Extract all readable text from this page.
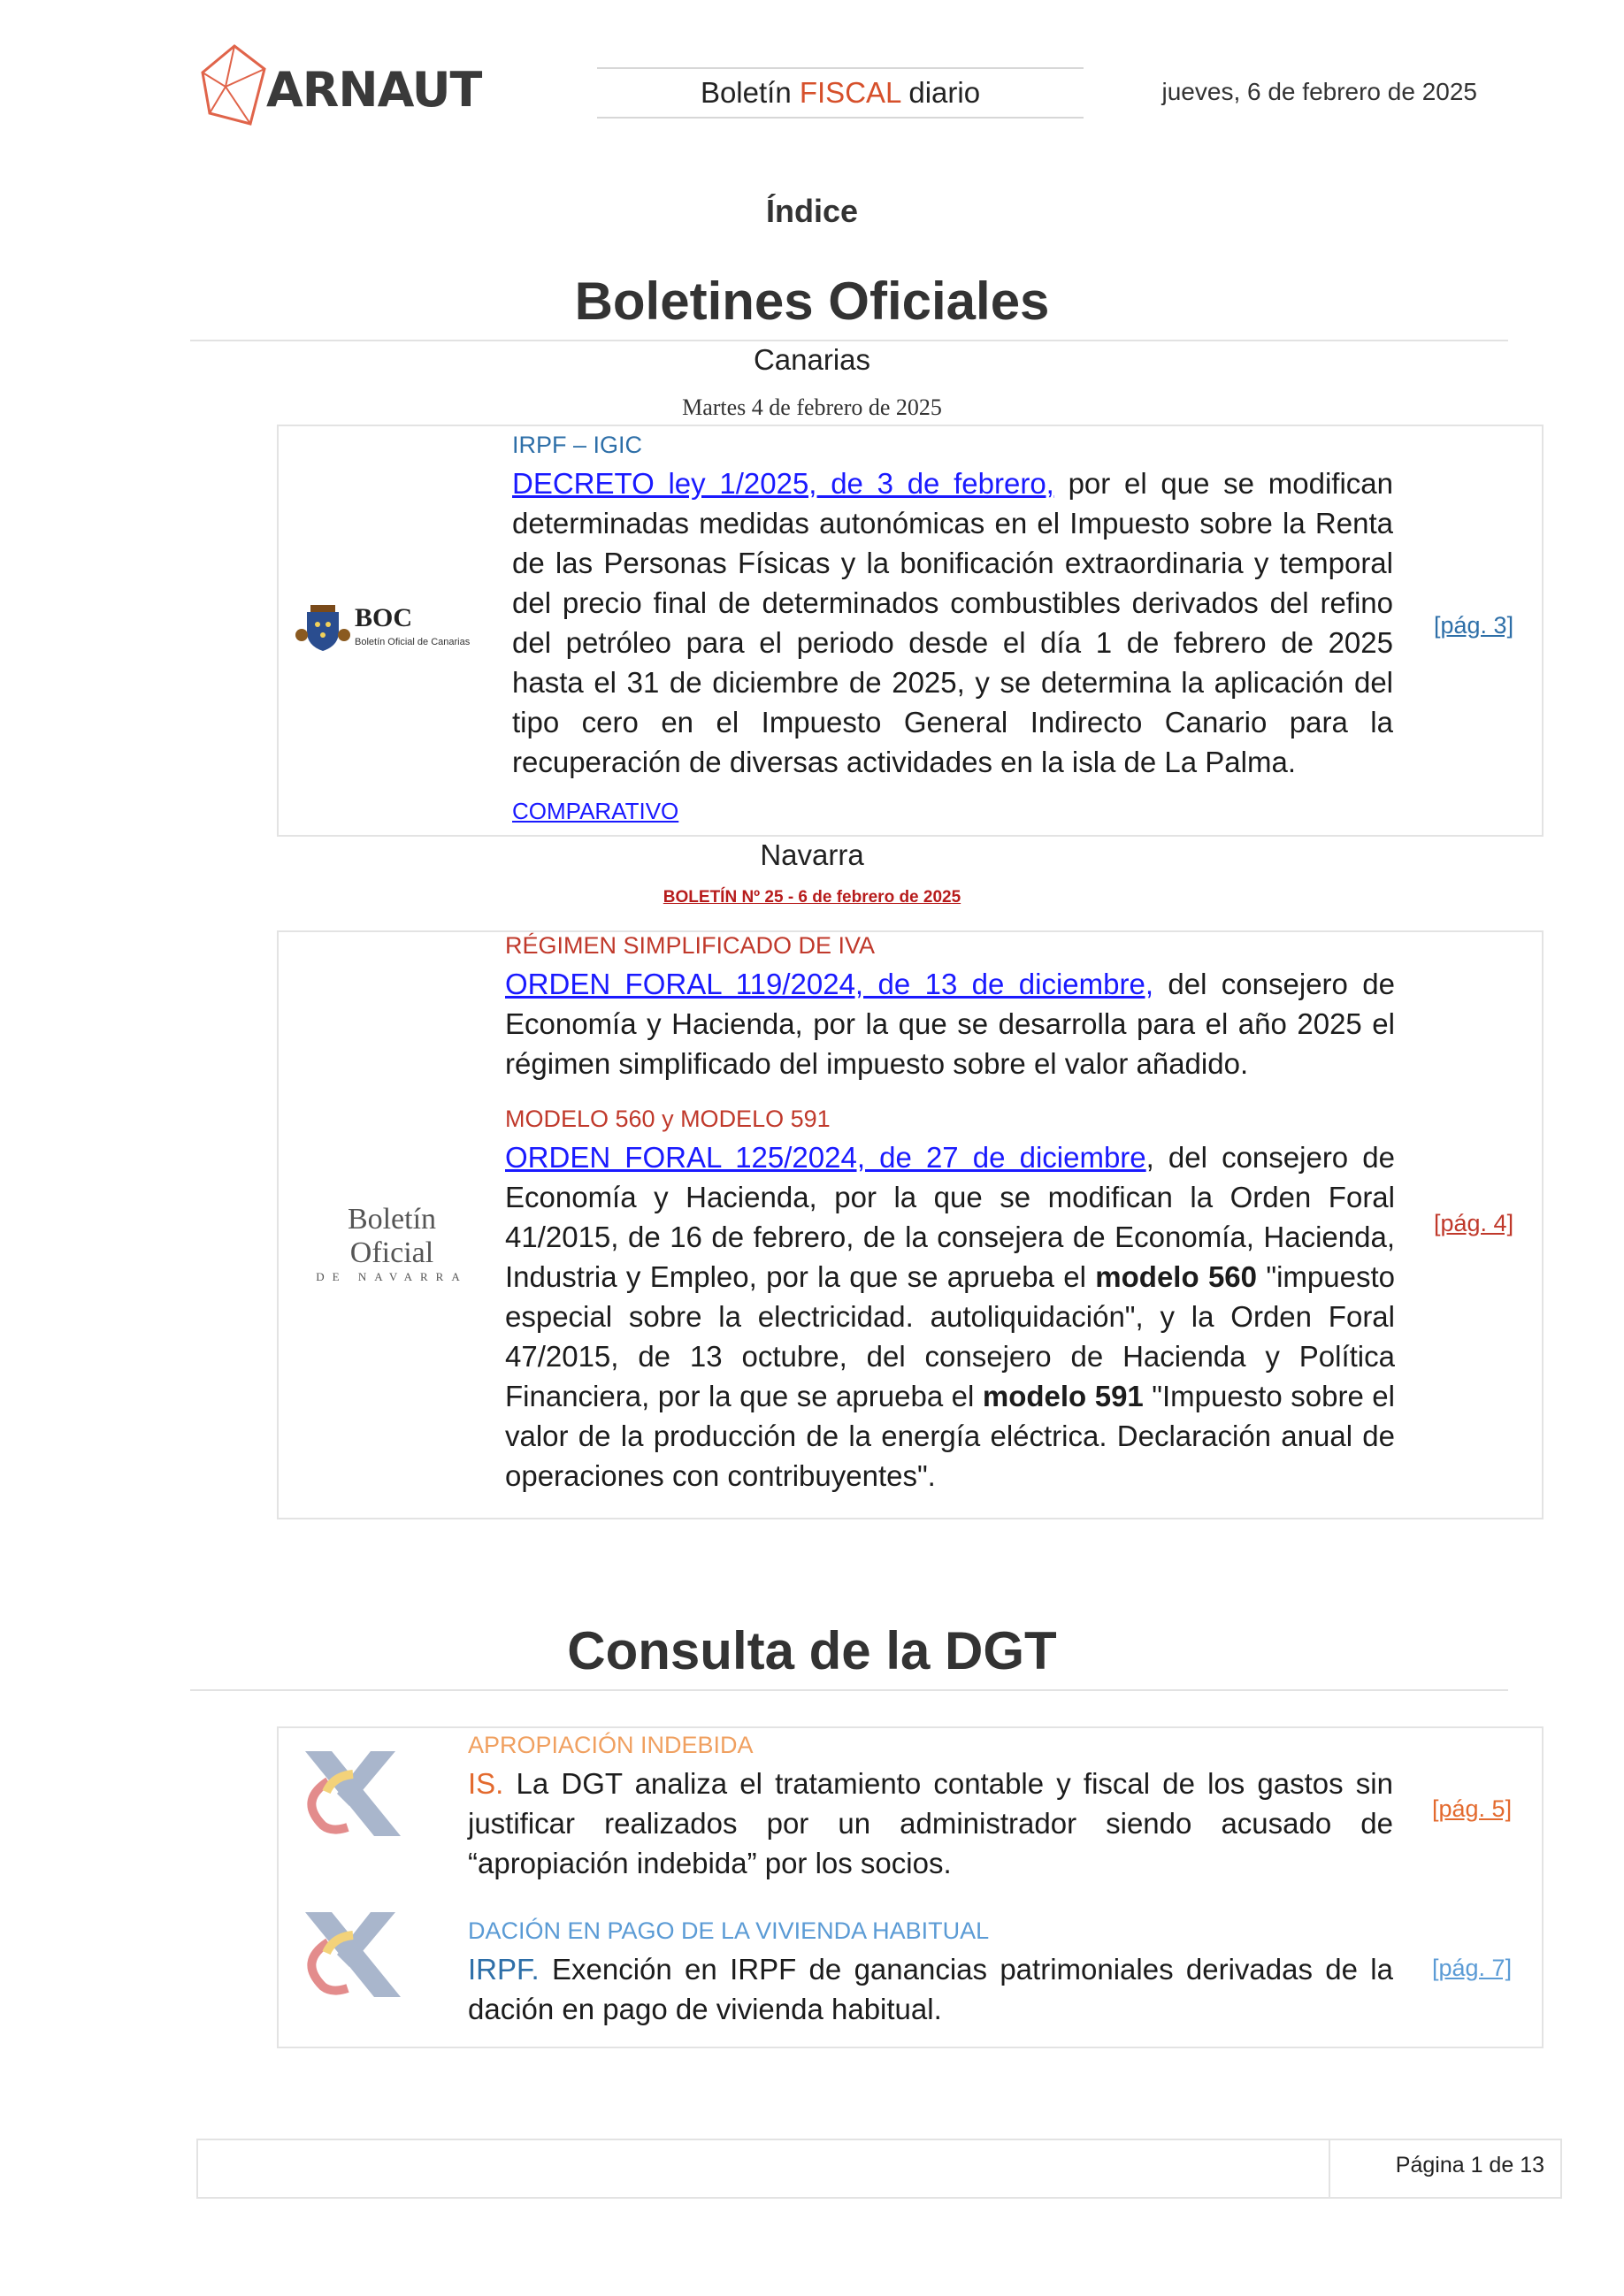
ARNAUT	Boletín FISCAL diario	jueves, 6 de febrero de 2025
Índice
Boletines Oficiales
Canarias
Martes 4 de febrero de 2025
BOC
Boletín Oficial de Canarias
IRPF – IGIC
DECRETO ley 1/2025, de 3 de febrero, por el que se modifican determinadas medidas autonómicas en el Impuesto sobre la Renta de las Personas Físicas y la bonificación extraordinaria y temporal del precio final de determinados combustibles derivados del refino del petróleo para el periodo desde el día 1 de febrero de 2025 hasta el 31 de diciembre de 2025, y se determina la aplicación del tipo cero en el Impuesto General Indirecto Canario para la recuperación de diversas actividades en la isla de La Palma.
COMPARATIVO
[pág. 3]
Navarra
BOLETÍN Nº 25 - 6 de febrero de 2025
Boletín Oficial
DE NAVARRA
RÉGIMEN SIMPLIFICADO DE IVA
ORDEN FORAL 119/2024, de 13 de diciembre, del consejero de Economía y Hacienda, por la que se desarrolla para el año 2025 el régimen simplificado del impuesto sobre el valor añadido.
MODELO 560 y MODELO 591
ORDEN FORAL 125/2024, de 27 de diciembre, del consejero de Economía y Hacienda, por la que se modifican la Orden Foral 41/2015, de 16 de febrero, de la consejera de Economía, Hacienda, Industria y Empleo, por la que se aprueba el modelo 560 "impuesto especial sobre la electricidad. autoliquidación", y la Orden Foral 47/2015, de 13 octubre, del consejero de Hacienda y Política Financiera, por la que se aprueba el modelo 591 "Impuesto sobre el valor de la producción de la energía eléctrica. Declaración anual de operaciones con contribuyentes".
[pág. 4]
Consulta de la DGT
APROPIACIÓN INDEBIDA
IS. La DGT analiza el tratamiento contable y fiscal de los gastos sin justificar realizados por un administrador siendo acusado de “apropiación indebida” por los socios.
[pág. 5]
DACIÓN EN PAGO DE LA VIVIENDA HABITUAL
IRPF. Exención en IRPF de ganancias patrimoniales derivadas de la dación en pago de vivienda habitual.
[pág. 7]
Página 1 de 13
